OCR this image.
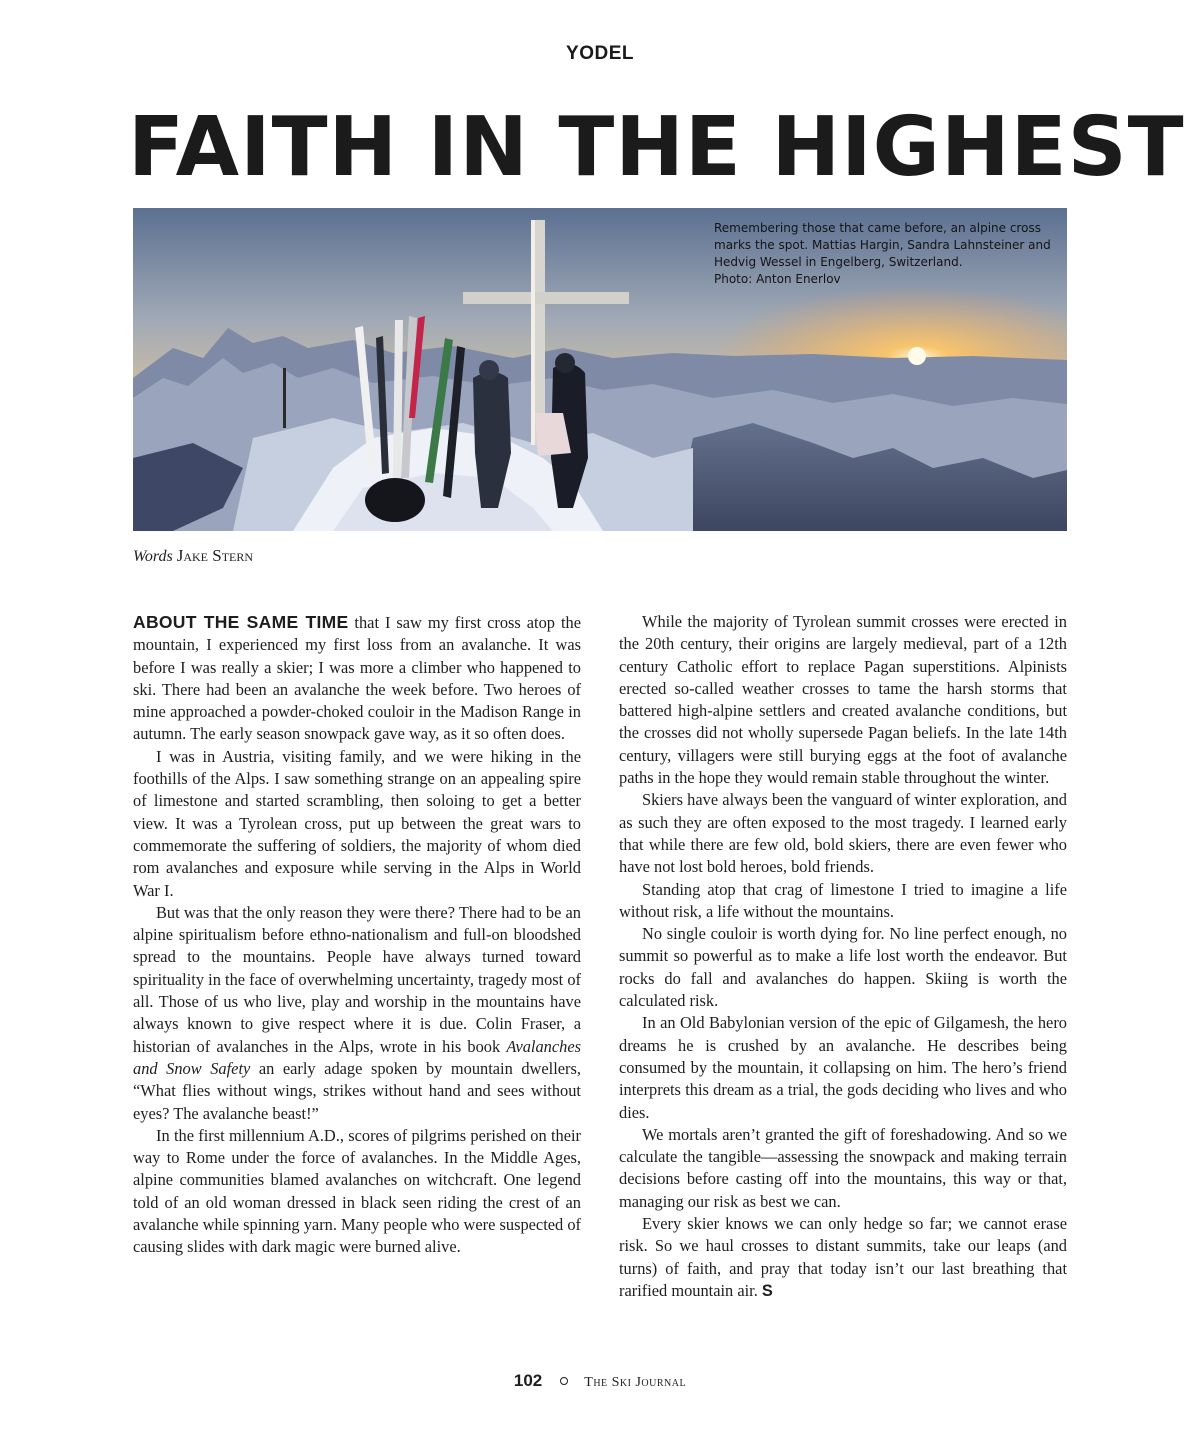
YODEL
FAITH IN THE HIGHEST
Remembering those that came before, an alpine cross
marks the spot. Mattias Hargin, Sandra Lahnsteiner and
Hedvig Wessel in Engelberg, Switzerland.
Photo: Anton Enerlov
Words Jake Stern

ABOUT THE SAME TIME that I saw my first cross atop the mountain, I experienced my first loss from an avalanche. It was before I was really a skier; I was more a climber who happened to ski. There had been an avalanche the week before. Two heroes of mine approached a powder-choked couloir in the Madison Range in autumn. The early season snowpack gave way, as it so often does.

I was in Austria, visiting family, and we were hiking in the foothills of the Alps. I saw something strange on an appealing spire of limestone and started scrambling, then soloing to get a better view. It was a Tyrolean cross, put up between the great wars to commemorate the suffering of soldiers, the majority of whom died rom avalanches and exposure while serving in the Alps in World War I.

But was that the only reason they were there? There had to be an alpine spiritualism before ethno-nationalism and full-on bloodshed spread to the mountains. People have always turned toward spirituality in the face of overwhelming uncertainty, tragedy most of all. Those of us who live, play and worship in the mountains have always known to give respect where it is due. Colin Fraser, a historian of avalanches in the Alps, wrote in his book Avalanches and Snow Safety an early adage spoken by mountain dwellers, “What flies without wings, strikes without hand and sees without eyes? The avalanche beast!”

In the first millennium A.D., scores of pilgrims perished on their way to Rome under the force of avalanches. In the Middle Ages, alpine communities blamed avalanches on witchcraft. One legend told of an old woman dressed in black seen riding the crest of an avalanche while spinning yarn. Many people who were suspected of causing slides with dark magic were burned alive.

While the majority of Tyrolean summit crosses were erected in the 20th century, their origins are largely medieval, part of a 12th century Catholic effort to replace Pagan superstitions. Alpinists erected so-called weather crosses to tame the harsh storms that battered high-alpine settlers and created avalanche conditions, but the crosses did not wholly supersede Pagan beliefs. In the late 14th century, villagers were still burying eggs at the foot of avalanche paths in the hope they would remain stable throughout the winter.

Skiers have always been the vanguard of winter exploration, and as such they are often exposed to the most tragedy. I learned early that while there are few old, bold skiers, there are even fewer who have not lost bold heroes, bold friends.

Standing atop that crag of limestone I tried to imagine a life without risk, a life without the mountains.

No single couloir is worth dying for. No line perfect enough, no summit so powerful as to make a life lost worth the endeavor. But rocks do fall and avalanches do happen. Skiing is worth the calculated risk.

In an Old Babylonian version of the epic of Gilgamesh, the hero dreams he is crushed by an avalanche. He describes being consumed by the mountain, it collapsing on him. The hero’s friend interprets this dream as a trial, the gods deciding who lives and who dies.

We mortals aren’t granted the gift of foreshadowing. And so we calculate the tangible—assessing the snowpack and making terrain decisions before casting off into the mountains, this way or that, managing our risk as best we can.

Every skier knows we can only hedge so far; we cannot erase risk. So we haul crosses to distant summits, take our leaps (and turns) of faith, and pray that today isn’t our last breathing that rarified mountain air. S

102	The Ski Journal
